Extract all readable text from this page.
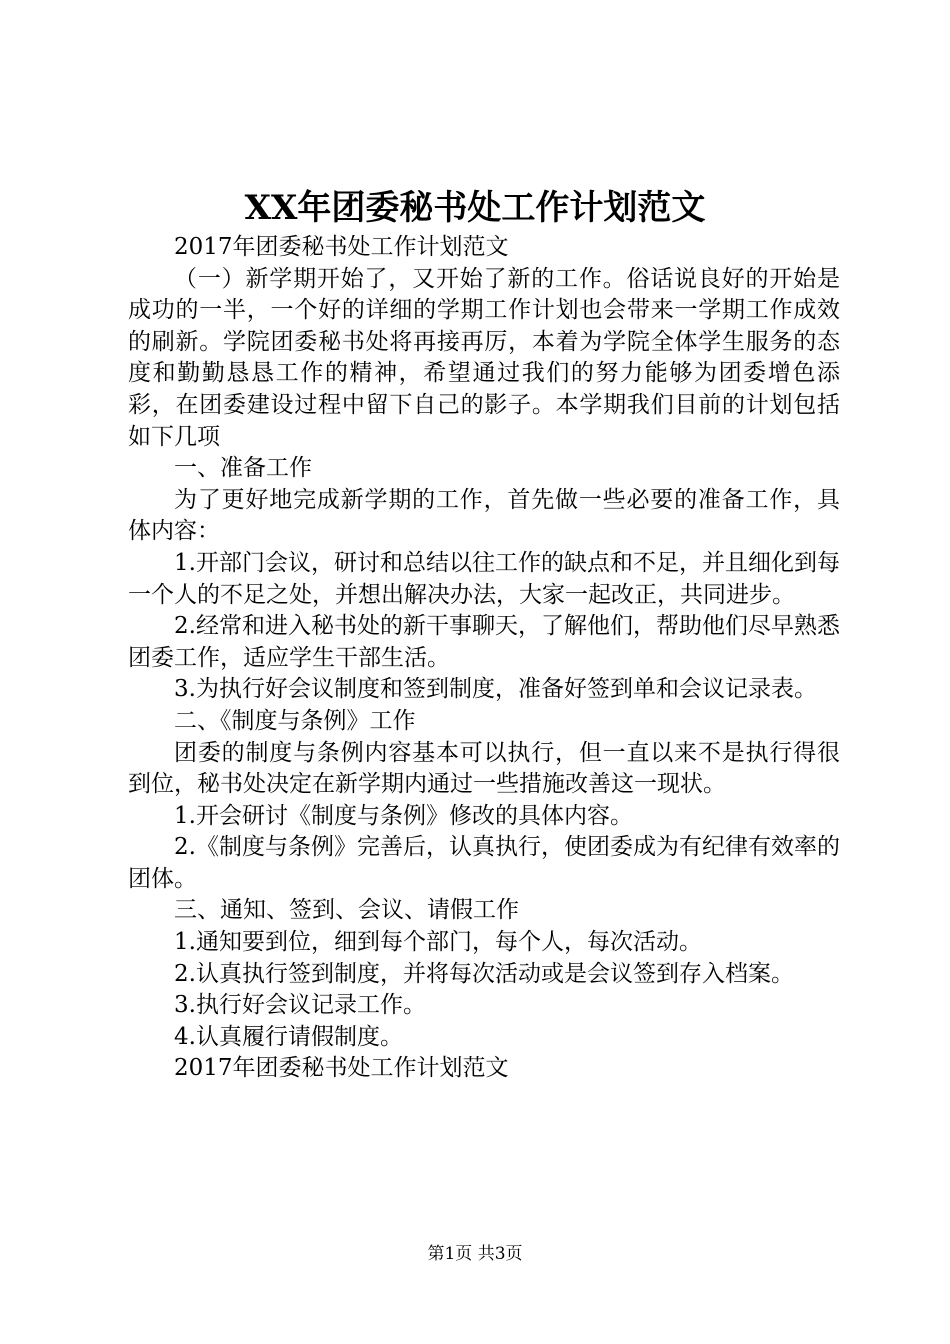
XX年团委秘书处工作计划范文

2017年团委秘书处工作计划范文

（一）新学期开始了，又开始了新的工作。俗话说良好的开始是成功的一半，一个好的详细的学期工作计划也会带来一学期工作成效的刷新。学院团委秘书处将再接再厉，本着为学院全体学生服务的态度和勤勤恳恳工作的精神，希望通过我们的努力能够为团委增色添彩，在团委建设过程中留下自己的影子。本学期我们目前的计划包括如下几项

一、准备工作

为了更好地完成新学期的工作，首先做一些必要的准备工作，具体内容：

1.开部门会议，研讨和总结以往工作的缺点和不足，并且细化到每一个人的不足之处，并想出解决办法，大家一起改正，共同进步。

2.经常和进入秘书处的新干事聊天，了解他们，帮助他们尽早熟悉团委工作，适应学生干部生活。

3.为执行好会议制度和签到制度，准备好签到单和会议记录表。

二、《制度与条例》工作

团委的制度与条例内容基本可以执行，但一直以来不是执行得很到位，秘书处决定在新学期内通过一些措施改善这一现状。

1.开会研讨《制度与条例》修改的具体内容。

2.《制度与条例》完善后，认真执行，使团委成为有纪律有效率的团体。

三、通知、签到、会议、请假工作

1.通知要到位，细到每个部门，每个人，每次活动。

2.认真执行签到制度，并将每次活动或是会议签到存入档案。

3.执行好会议记录工作。

4.认真履行请假制度。

2017年团委秘书处工作计划范文

第1页 共3页
